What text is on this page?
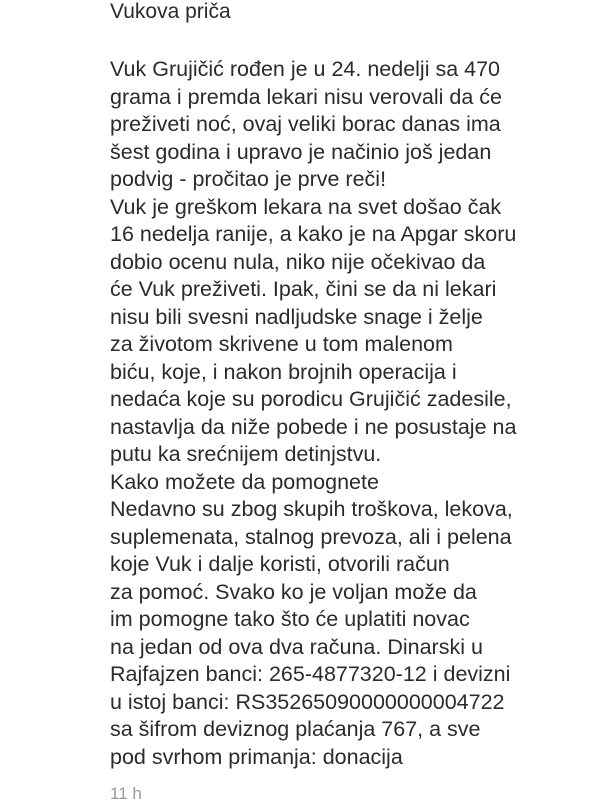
Vukova priča
Vuk Grujičić rođen je u 24. nedelji sa 470
grama i premda lekari nisu verovali da će
preživeti noć, ovaj veliki borac danas ima
šest godina i upravo je načinio još jedan
podvig - pročitao je prve reči!
Vuk je greškom lekara na svet došao čak
16 nedelja ranije, a kako je na Apgar skoru
dobio ocenu nula, niko nije očekivao da
će Vuk preživeti. Ipak, čini se da ni lekari
nisu bili svesni nadljudske snage i želje
za životom skrivene u tom malenom
biću, koje, i nakon brojnih operacija i
nedaća koje su porodicu Grujičić zadesile,
nastavlja da niže pobede i ne posustaje na
putu ka srećnijem detinjstvu.
Kako možete da pomognete
Nedavno su zbog skupih troškova, lekova,
suplemenata, stalnog prevoza, ali i pelena
koje Vuk i dalje koristi, otvorili račun
za pomoć. Svako ko je voljan može da
im pomogne tako što će uplatiti novac
na jedan od ova dva računa. Dinarski u
Rajfajzen banci: 265-4877320-12 i devizni
u istoj banci: RS35265090000000004722
sa šifrom deviznog plaćanja 767, a sve
pod svrhom primanja: donacija
11 h
